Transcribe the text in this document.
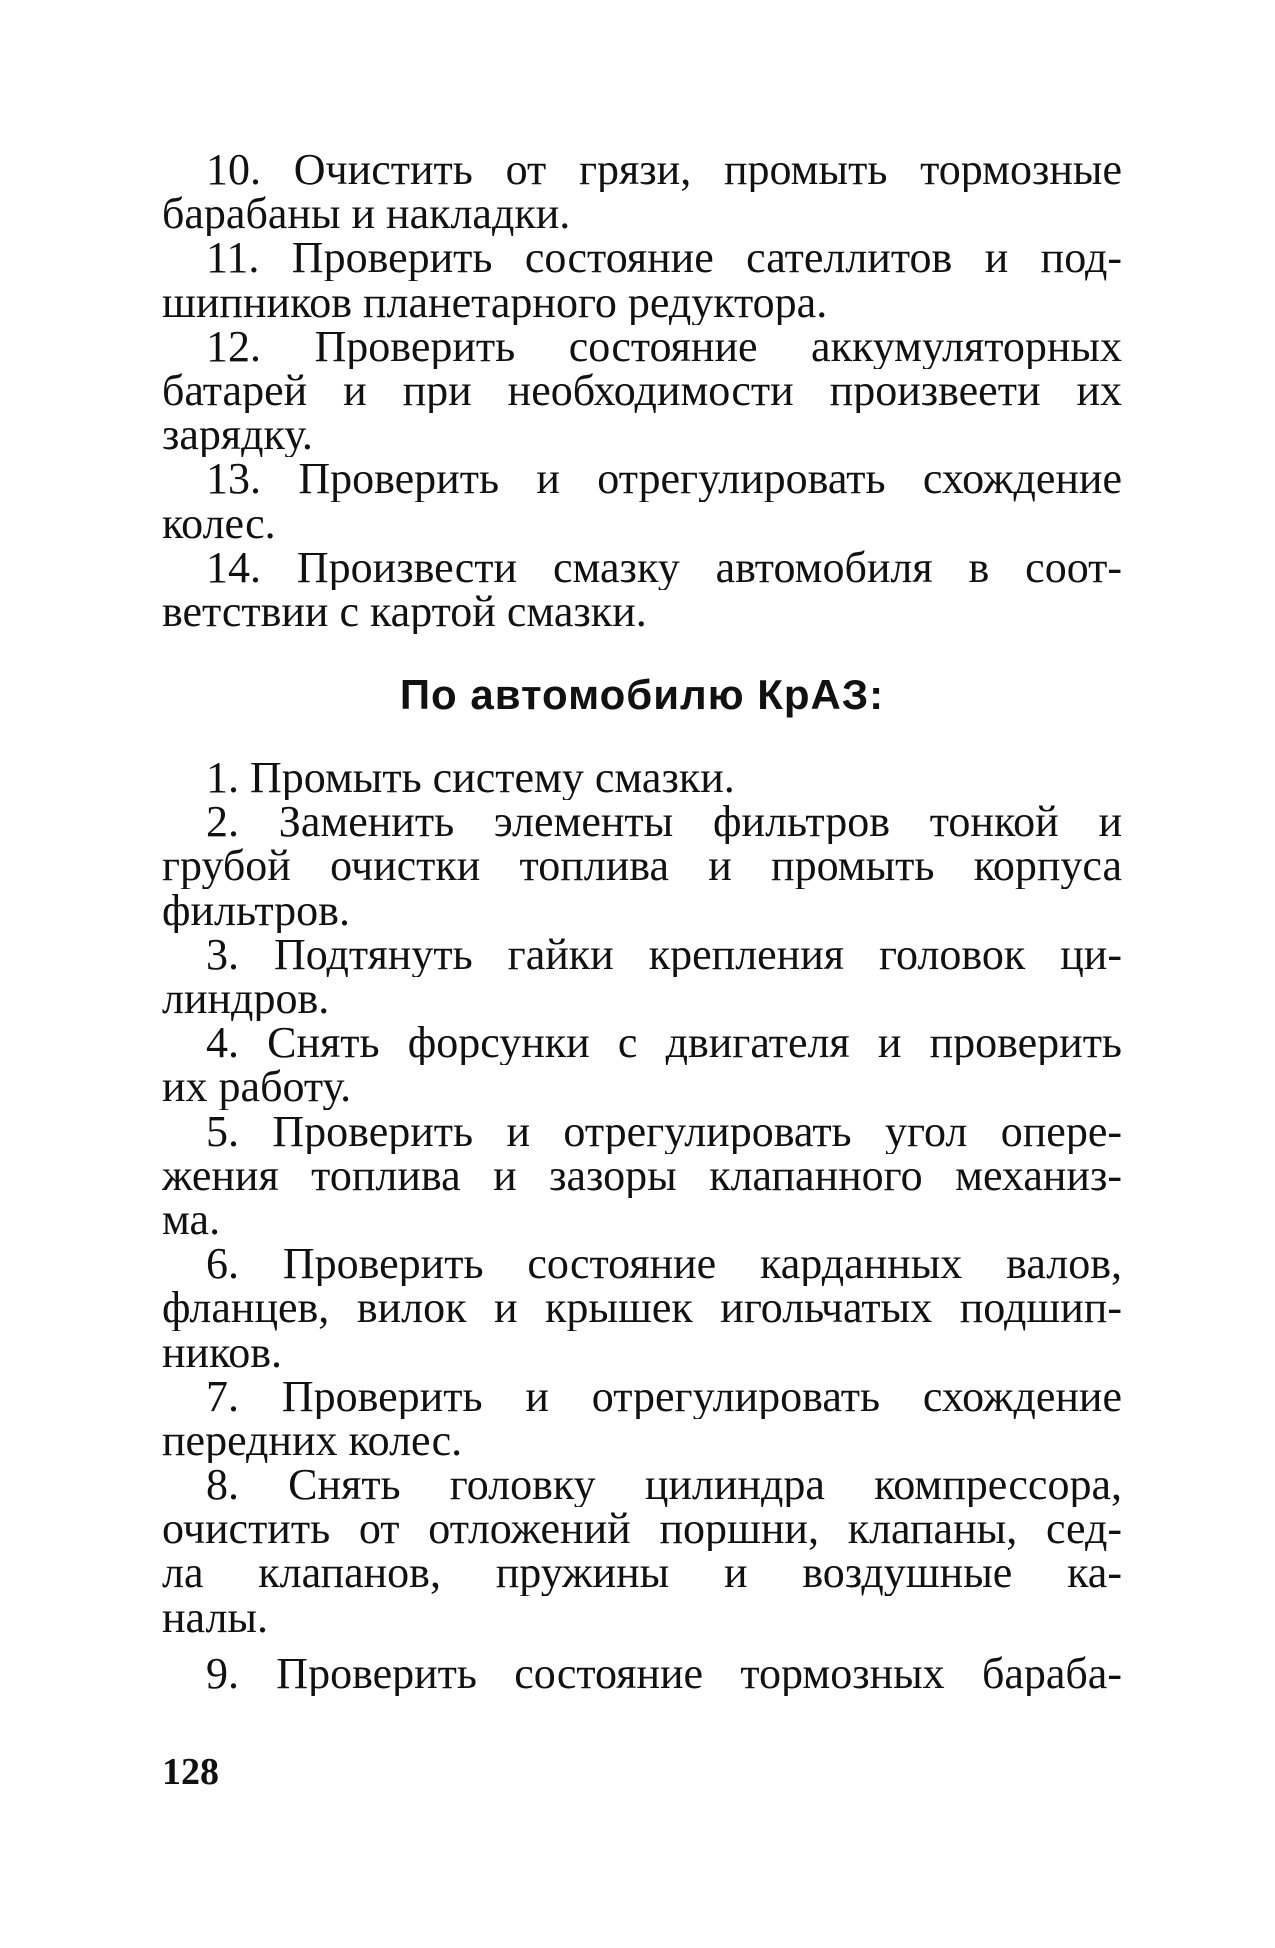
10. Очистить от грязи, промыть тормозные
барабаны и накладки.
11. Проверить состояние сателлитов и под-
шипников планетарного редуктора.
12. Проверить состояние аккумуляторных
батарей и при необходимости произвеети их
зарядку.
13. Проверить и отрегулировать схождение
колес.
14. Произвести смазку автомобиля в соот-
ветствии с картой смазки.
По автомобилю КрАЗ:
1. Промыть систему смазки.
2. Заменить элементы фильтров тонкой и
грубой очистки топлива и промыть корпуса
фильтров.
3. Подтянуть гайки крепления головок ци-
линдров.
4. Снять форсунки с двигателя и проверить
их работу.
5. Проверить и отрегулировать угол опере-
жения топлива и зазоры клапанного механиз-
ма.
6. Проверить состояние карданных валов,
фланцев, вилок и крышек игольчатых подшип-
ников.
7. Проверить и отрегулировать схождение
передних колес.
8. Снять головку цилиндра компрессора,
очистить от отложений поршни, клапаны, сед-
ла клапанов, пружины и воздушные ка-
налы.
9. Проверить состояние тормозных бараба-
128
